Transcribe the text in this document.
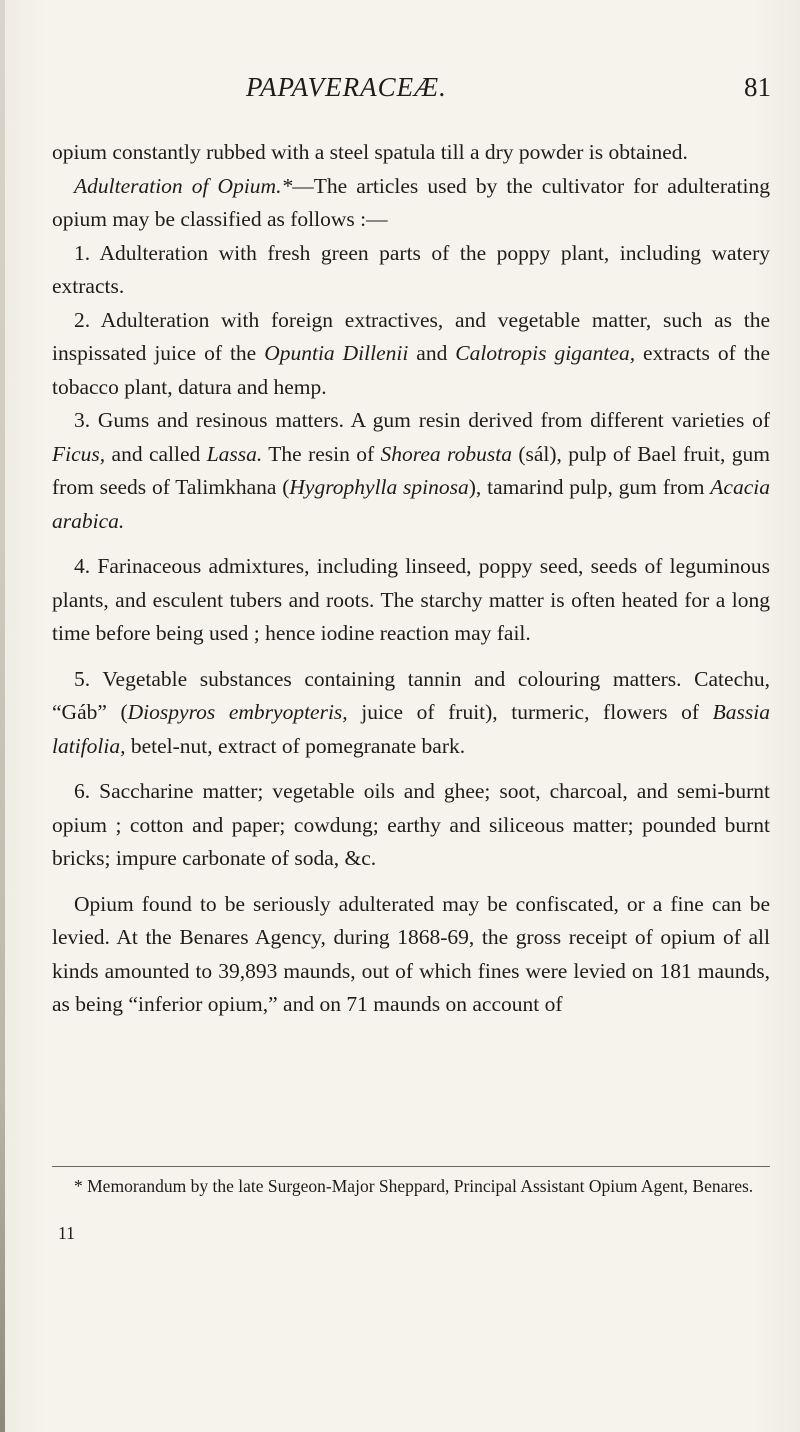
PAPAVERACEÆ.	81

opium constantly rubbed with a steel spatula till a dry powder is obtained.

Adulteration of Opium.*—The articles used by the cultivator for adulterating opium may be classified as follows :—

1. Adulteration with fresh green parts of the poppy plant, including watery extracts.

2. Adulteration with foreign extractives, and vegetable matter, such as the inspissated juice of the Opuntia Dillenii and Calotropis gigantea, extracts of the tobacco plant, datura and hemp.

3. Gums and resinous matters. A gum resin derived from different varieties of Ficus, and called Lassa. The resin of Shorea robusta (sál), pulp of Bael fruit, gum from seeds of Talimkhana (Hygrophylla spinosa), tamarind pulp, gum from Acacia arabica.

4. Farinaceous admixtures, including linseed, poppy seed, seeds of leguminous plants, and esculent tubers and roots. The starchy matter is often heated for a long time before being used ; hence iodine reaction may fail.

5. Vegetable substances containing tannin and colouring matters. Catechu, “Gáb” (Diospyros embryopteris, juice of fruit), turmeric, flowers of Bassia latifolia, betel-nut, extract of pomegranate bark.

6. Saccharine matter; vegetable oils and ghee; soot, charcoal, and semi-burnt opium ; cotton and paper; cowdung; earthy and siliceous matter; pounded burnt bricks; impure carbonate of soda, &c.

Opium found to be seriously adulterated may be confiscated, or a fine can be levied. At the Benares Agency, during 1868-69, the gross receipt of opium of all kinds amounted to 39,893 maunds, out of which fines were levied on 181 maunds, as being “inferior opium,” and on 71 maunds on account of

* Memorandum by the late Surgeon-Major Sheppard, Principal Assistant Opium Agent, Benares.

11
